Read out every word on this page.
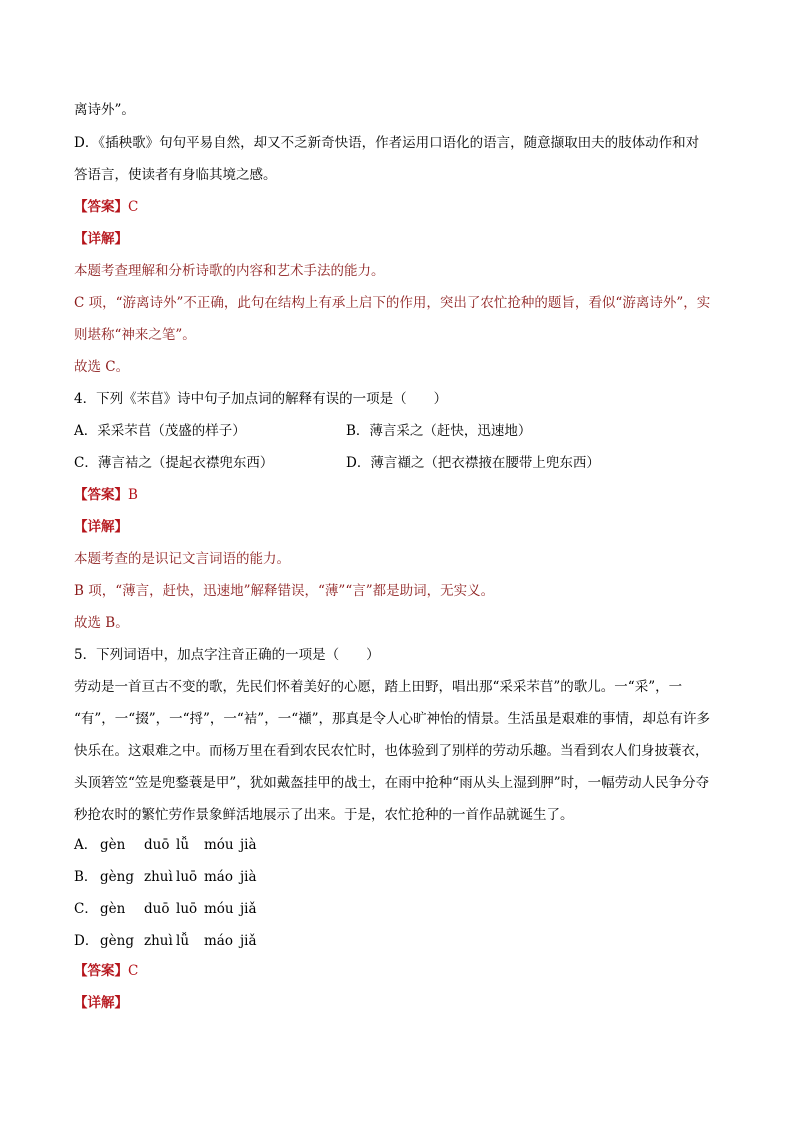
离诗外”。
D．《插秧歌》句句平易自然，却又不乏新奇快语，作者运用口语化的语言，随意撷取田夫的肢体动作和对
答语言，使读者有身临其境之感。
【答案】C
【详解】
本题考查理解和分析诗歌的内容和艺术手法的能力。
C 项，“游离诗外”不正确，此句在结构上有承上启下的作用，突出了农忙抢种的题旨，看似“游离诗外”，实
则堪称“神来之笔”。
故选 C。
4．下列《芣苢》诗中句子加点词的解释有误的一项是（　　）
A．采采芣苢（茂盛的样子）	B．薄言采之（赶快，迅速地）
C．薄言袺之（提起衣襟兜东西）	D．薄言襭之（把衣襟掖在腰带上兜东西）
【答案】B
【详解】
本题考查的是识记文言词语的能力。
B 项，“薄言，赶快，迅速地”解释错误，“薄”“言”都是助词，无实义。
故选 B。
5．下列词语中，加点字注音正确的一项是（　　）
劳动是一首亘古不变的歌，先民们怀着美好的心愿，踏上田野，唱出那“采采芣苢”的歌儿。一“采”，一
“有”，一“掇”，一“捋”，一“袺”，一“襭”，那真是令人心旷神怡的情景。生活虽是艰难的事情，却总有许多
快乐在。这艰难之中。而杨万里在看到农民农忙时，也体验到了别样的劳动乐趣。当看到农人们身披蓑衣，
头顶箬笠“笠是兜鍪蓑是甲”，犹如戴盔挂甲的战士，在雨中抢种“雨从头上湿到胛”时，一幅劳动人民争分夺
秒抢农时的繁忙劳作景象鲜活地展示了出来。于是，农忙抢种的一首作品就诞生了。
A． gèn duō lǚ móu jià
B． gèng zhuì luō máo jià
C． gèn duō luō móu jiǎ
D． gèng zhuì lǚ máo jiǎ
【答案】C
【详解】
